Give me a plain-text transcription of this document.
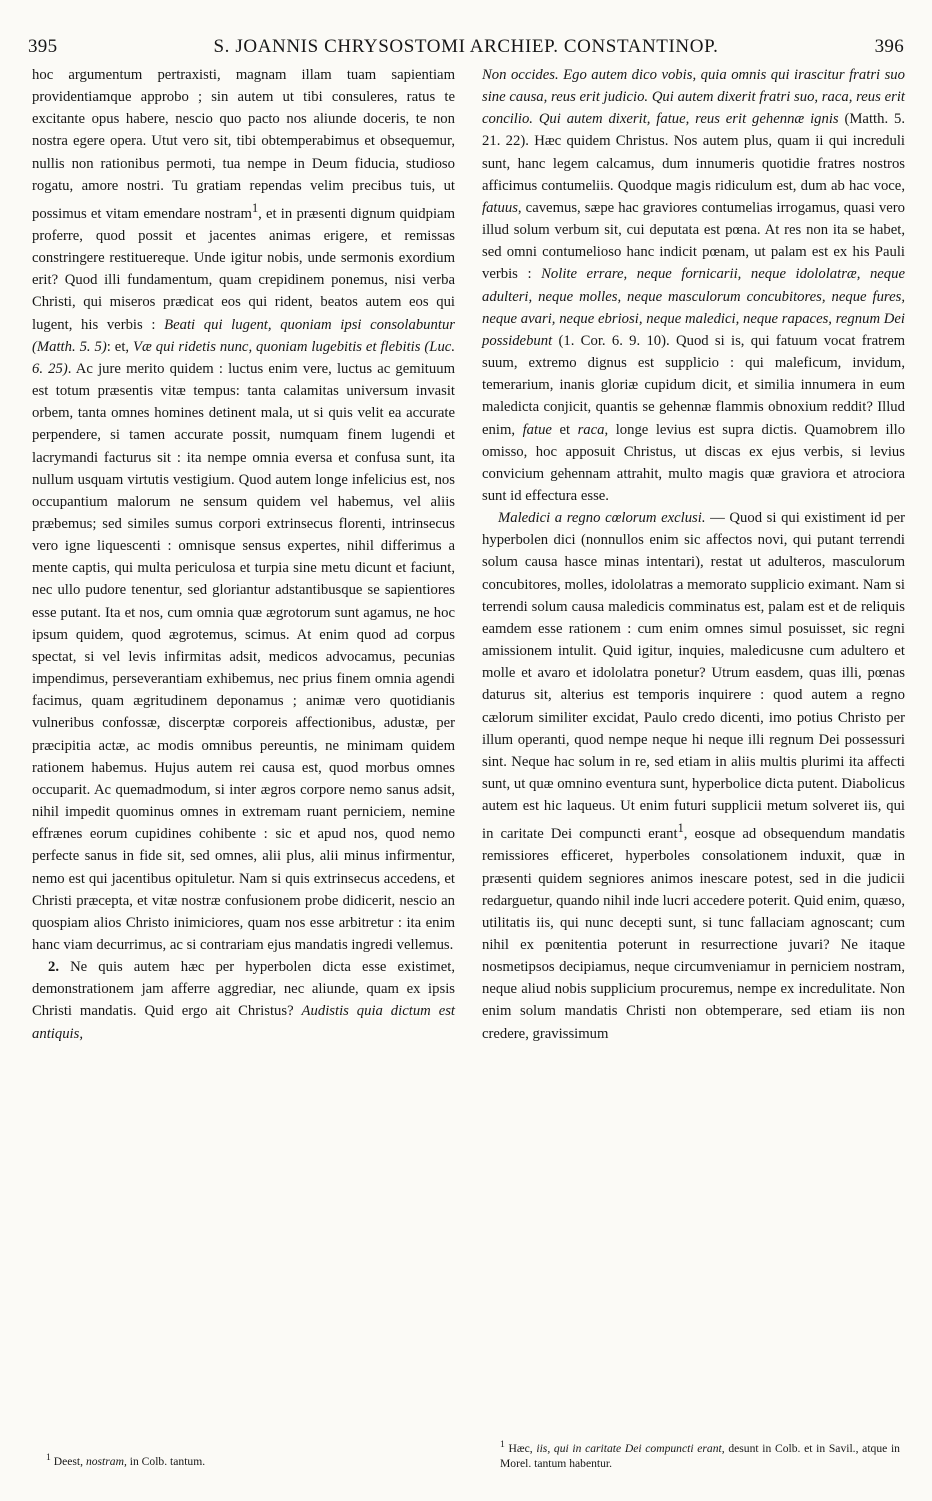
395	S. JOANNIS CHRYSOSTOMI ARCHIEP. CONSTANTINOP.	396

hoc argumentum pertraxisti, magnam illam tuam sapientiam providentiamque approbo ; sin autem ut tibi consuleres, ratus te excitante opus habere, nescio quo pacto nos aliunde doceris, te non nostra egere opera. Utut vero sit, tibi obtemperabimus et obsequemur, nullis non rationibus permoti, tua nempe in Deum fiducia, studioso rogatu, amore nostri. Tu gratiam rependas velim precibus tuis, ut possimus et vitam emendare nostram$^1$, et in præsenti dignum quidpiam proferre, quod possit et jacentes animas erigere, et remissas constringere restituereque. Unde igitur nobis, unde sermonis exordium erit? Quod illi fundamentum, quam crepidinem ponemus, nisi verba Christi, qui miseros prædicat eos qui rident, beatos autem eos qui lugent, his verbis : Beati qui lugent, quoniam ipsi consolabuntur (Matth. 5. 5): et, Væ qui ridetis nunc, quoniam lugebitis et flebitis (Luc. 6. 25). Ac jure merito quidem : luctus enim vere, luctus ac gemituum est totum præsentis vitæ tempus: tanta calamitas universum invasit orbem, tanta omnes homines detinent mala, ut si quis velit ea accurate perpendere, si tamen accurate possit, numquam finem lugendi et lacrymandi facturus sit : ita nempe omnia eversa et confusa sunt, ita nullum usquam virtutis vestigium. Quod autem longe infelicius est, nos occupantium malorum ne sensum quidem vel habemus, vel aliis præbemus; sed similes sumus corpori extrinsecus florenti, intrinsecus vero igne liquescenti : omnisque sensus expertes, nihil differimus a mente captis, qui multa periculosa et turpia sine metu dicunt et faciunt, nec ullo pudore tenentur, sed gloriantur adstantibusque se sapientiores esse putant. Ita et nos, cum omnia quæ ægrotorum sunt agamus, ne hoc ipsum quidem, quod ægrotemus, scimus. At enim quod ad corpus spectat, si vel levis infirmitas adsit, medicos advocamus, pecunias impendimus, perseverantiam exhibemus, nec prius finem omnia agendi facimus, quam ægritudinem deponamus ; animæ vero quotidianis vulneribus confossæ, discerptæ corporeis affectionibus, adustæ, per præcipitia actæ, ac modis omnibus pereuntis, ne minimam quidem rationem habemus. Hujus autem rei causa est, quod morbus omnes occuparit. Ac quemadmodum, si inter ægros corpore nemo sanus adsit, nihil impedit quominus omnes in extremam ruant perniciem, nemine effrænes eorum cupidines cohibente : sic et apud nos, quod nemo perfecte sanus in fide sit, sed omnes, alii plus, alii minus infirmentur, nemo est qui jacentibus opituletur. Nam si quis extrinsecus accedens, et Christi præcepta, et vitæ nostræ confusionem probe didicerit, nescio an quospiam alios Christo inimiciores, quam nos esse arbitretur : ita enim hanc viam decurrimus, ac si contrariam ejus mandatis ingredi vellemus.

2. Ne quis autem hæc per hyperbolen dicta esse existimet, demonstrationem jam afferre aggrediar, nec aliunde, quam ex ipsis Christi mandatis. Quid ergo ait Christus? Audistis quia dictum est antiquis,

$^1$ Deest, nostram, in Colb. tantum.

Non occides. Ego autem dico vobis, quia omnis qui irascitur fratri suo sine causa, reus erit judicio. Qui autem dixerit fratri suo, raca, reus erit concilio. Qui autem dixerit, fatue, reus erit gehennæ ignis (Matth. 5. 21. 22). Hæc quidem Christus. Nos autem plus, quam ii qui increduli sunt, hanc legem calcamus, dum innumeris quotidie fratres nostros afficimus contumeliis. Quodque magis ridiculum est, dum ab hac voce, fatuus, cavemus, sæpe hac graviores contumelias irrogamus, quasi vero illud solum verbum sit, cui deputata est pœna. At res non ita se habet, sed omni contumelioso hanc indicit pœnam, ut palam est ex his Pauli verbis : Nolite errare, neque fornicarii, neque idololatræ, neque adulteri, neque molles, neque masculorum concubitores, neque fures, neque avari, neque ebriosi, neque maledici, neque rapaces, regnum Dei possidebunt (1. Cor. 6. 9. 10). Quod si is, qui fatuum vocat fratrem suum, extremo dignus est supplicio : qui maleficum, invidum, temerarium, inanis gloriæ cupidum dicit, et similia innumera in eum maledicta conjicit, quantis se gehennæ flammis obnoxium reddit? Illud enim, fatue et raca, longe levius est supra dictis. Quamobrem illo omisso, hoc apposuit Christus, ut discas ex ejus verbis, si levius convicium gehennam attrahit, multo magis quæ graviora et atrociora sunt id effectura esse.

Maledici a regno cœlorum exclusi. — Quod si qui existiment id per hyperbolen dici (nonnullos enim sic affectos novi, qui putant terrendi solum causa hasce minas intentari), restat ut adulteros, masculorum concubitores, molles, idololatras a memorato supplicio eximant. Nam si terrendi solum causa maledicis comminatus est, palam est et de reliquis eamdem esse rationem : cum enim omnes simul posuisset, sic regni amissionem intulit. Quid igitur, inquies, maledicusne cum adultero et molle et avaro et idololatra ponetur? Utrum easdem, quas illi, pœnas daturus sit, alterius est temporis inquirere : quod autem a regno cælorum similiter excidat, Paulo credo dicenti, imo potius Christo per illum operanti, quod nempe neque hi neque illi regnum Dei possessuri sint. Neque hac solum in re, sed etiam in aliis multis plurimi ita affecti sunt, ut quæ omnino eventura sunt, hyperbolice dicta putent. Diabolicus autem est hic laqueus. Ut enim futuri supplicii metum solveret iis, qui in caritate Dei compuncti erant$^1$, eosque ad obsequendum mandatis remissiores efficeret, hyperboles consolationem induxit, quæ in præsenti quidem segniores animos inescare potest, sed in die judicii redarguetur, quando nihil inde lucri accedere poterit. Quid enim, quæso, utilitatis iis, qui nunc decepti sunt, si tunc fallaciam agnoscant; cum nihil ex pœnitentia poterunt in resurrectione juvari? Ne itaque nosmetipsos decipiamus, neque circumveniamur in perniciem nostram, neque aliud nobis supplicium procuremus, nempe ex incredulitate. Non enim solum mandatis Christi non obtemperare, sed etiam iis non credere, gravissimum

$^1$ Hæc, iis, qui in caritate Dei compuncti erant, desunt in Colb. et in Savil., atque in Morel. tantum habentur.
